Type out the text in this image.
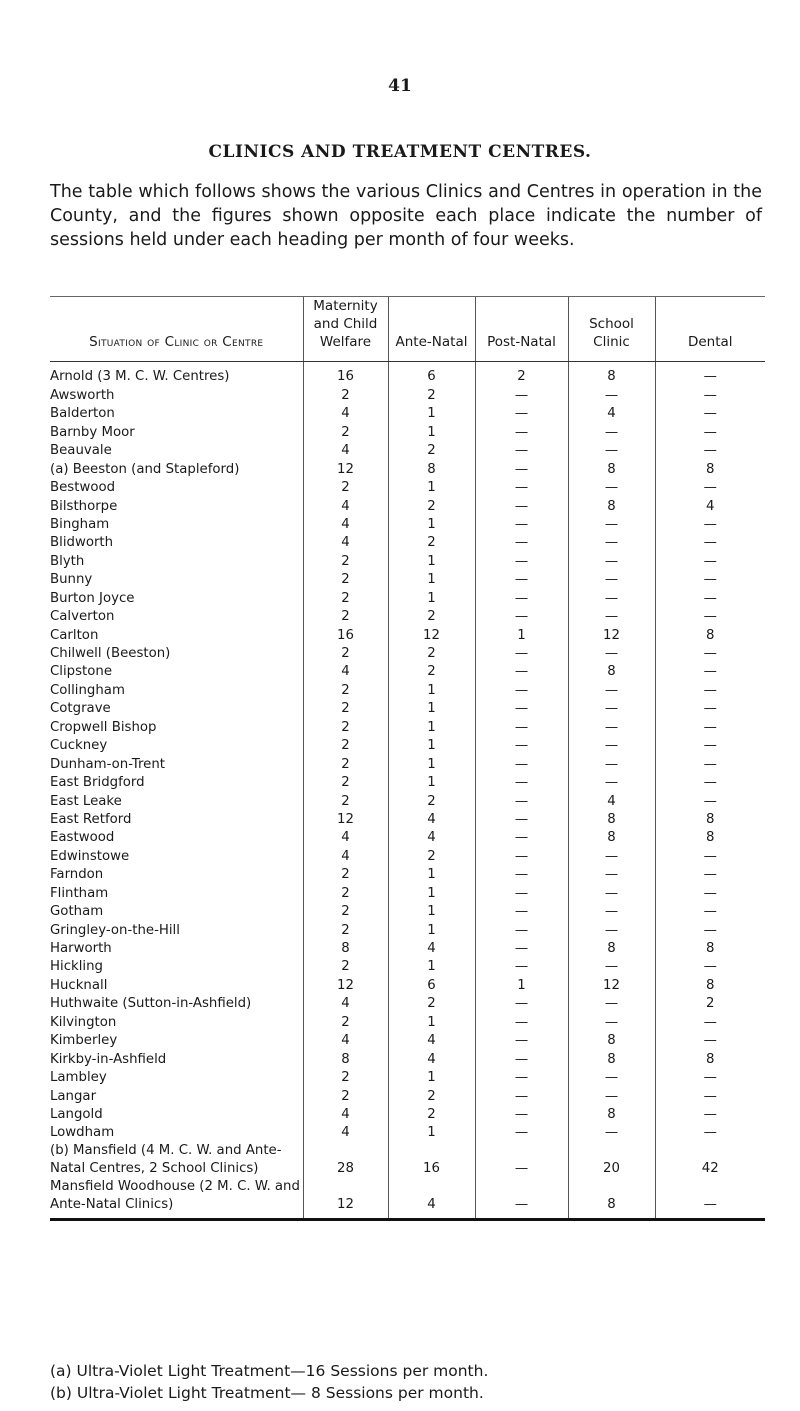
41
CLINICS AND TREATMENT CENTRES.

The table which follows shows the various Clinics and Centres in operation in the County, and the figures shown opposite each place indicate the number of sessions held under each heading per month of four weeks.

Situation of Clinic or Centre	Maternity and Child Welfare	Ante-Natal	Post-Natal	School Clinic	Dental
Arnold (3 M. C. W. Centres)	16	6	2	8	—
Awsworth	2	2	—	—	—
Balderton	4	1	—	4	—
Barnby Moor	2	1	—	—	—
Beauvale	4	2	—	—	—
(a) Beeston (and Stapleford)	12	8	—	8	8
Bestwood	2	1	—	—	—
Bilsthorpe	4	2	—	8	4
Bingham	4	1	—	—	—
Blidworth	4	2	—	—	—
Blyth	2	1	—	—	—
Bunny	2	1	—	—	—
Burton Joyce	2	1	—	—	—
Calverton	2	2	—	—	—
Carlton	16	12	1	12	8
Chilwell (Beeston)	2	2	—	—	—
Clipstone	4	2	—	8	—
Collingham	2	1	—	—	—
Cotgrave	2	1	—	—	—
Cropwell Bishop	2	1	—	—	—
Cuckney	2	1	—	—	—
Dunham-on-Trent	2	1	—	—	—
East Bridgford	2	1	—	—	—
East Leake	2	2	—	4	—
East Retford	12	4	—	8	8
Eastwood	4	4	—	8	8
Edwinstowe	4	2	—	—	—
Farndon	2	1	—	—	—
Flintham	2	1	—	—	—
Gotham	2	1	—	—	—
Gringley-on-the-Hill	2	1	—	—	—
Harworth	8	4	—	8	8
Hickling	2	1	—	—	—
Hucknall	12	6	1	12	8
Huthwaite (Sutton-in-Ashfield)	4	2	—	—	2
Kilvington	2	1	—	—	—
Kimberley	4	4	—	8	—
Kirkby-in-Ashfield	8	4	—	8	8
Lambley	2	1	—	—	—
Langar	2	2	—	—	—
Langold	4	2	—	8	—
Lowdham	4	1	—	—	—
(b) Mansfield (4 M. C. W. and Ante-Natal Centres, 2 School Clinics)	28	16	—	20	42
Mansfield Woodhouse (2 M. C. W. and Ante-Natal Clinics)	12	4	—	8	—
(a) Ultra-Violet Light Treatment—16 Sessions per month.
(b) Ultra-Violet Light Treatment— 8 Sessions per month.
